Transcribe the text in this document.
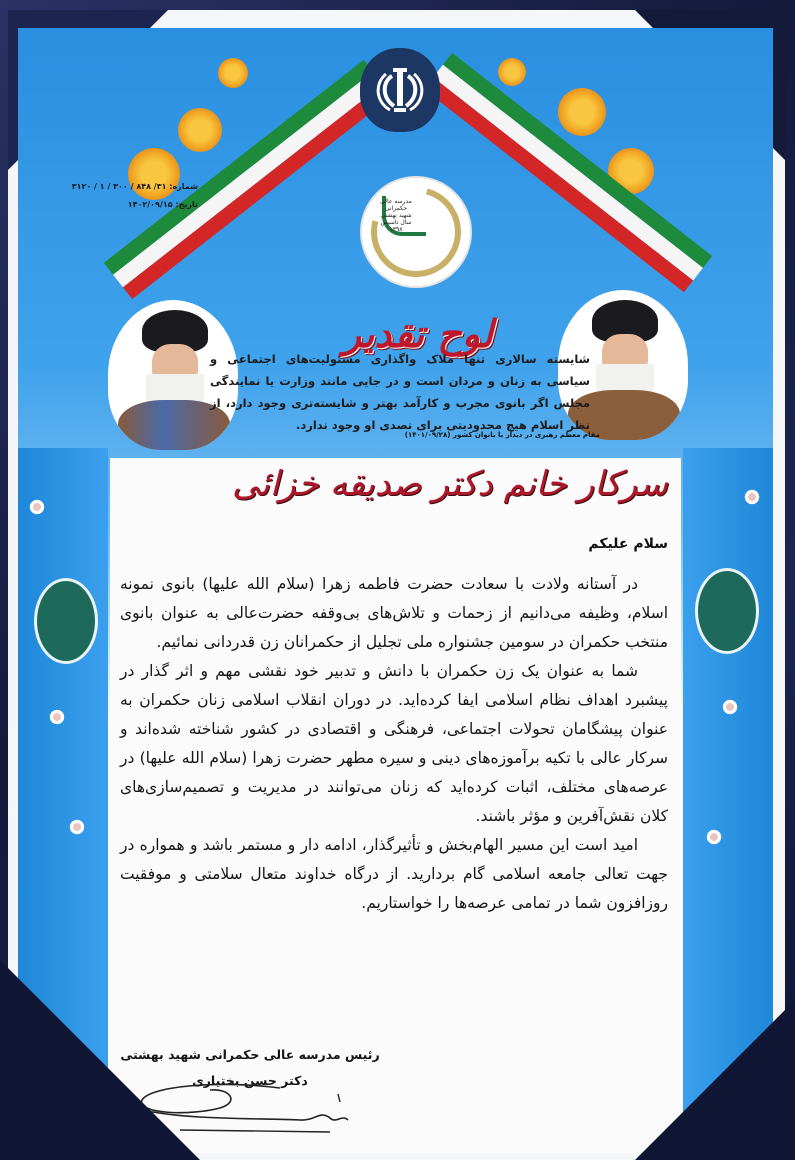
شماره: ۳۱/ ۸۴۸ / ۳۰۰ / ۱ / ۳۱۲۰
تاریخ: ۱۴۰۲/۰۹/۱۵	مدرسه عالی حکمرانی
شهید بهشتی
سال تاسیس ۱۳۹۸
لوح تقدیر
شایسته سالاری تنها ملاک واگذاری مسئولیت‌های اجتماعی و سیاسی به زنان و مردان است و در جایی مانند وزارت یا نمایندگی مجلس اگر بانوی مجرب و کارآمد بهتر و شایسته‌تری وجود دارد، از نظر اسلام هیچ محدودیتی برای تصدی او وجود ندارد.
مقام معظم رهبری در دیدار با بانوان کشور (۱۴۰۱/۰۹/۲۸)
سرکار خانم دکتر صدیقه خزائی
سلام علیکم

در آستانه ولادت با سعادت حضرت فاطمه زهرا (سلام الله علیها) بانوی نمونه اسلام، وظیفه می‌دانیم از زحمات و تلاش‌های بی‌وقفه حضرت‌عالی به عنوان بانوی منتخب حکمران در سومین جشنواره ملی تجلیل از حکمرانان زن قدردانی نمائیم.

شما به عنوان یک زن حکمران با دانش و تدبیر خود نقشی مهم و اثر گذار در پیشبرد اهداف نظام اسلامی ایفا کرده‌اید. در دوران انقلاب اسلامی زنان حکمران به عنوان پیشگامان تحولات اجتماعی، فرهنگی و اقتصادی در کشور شناخته شده‌اند و سرکار عالی با تکیه برآموزه‌های دینی و سیره مطهر حضرت زهرا (سلام الله علیها) در عرصه‌های مختلف، اثبات کرده‌اید که زنان می‌توانند در مدیریت و تصمیم‌سازی‌های کلان نقش‌آفرین و مؤثر باشند.

امید است این مسیر الهام‌بخش و تأثیرگذار، ادامه دار و مستمر باشد و همواره در جهت تعالی جامعه اسلامی گام بردارید. از درگاه خداوند متعال سلامتی و موفقیت روزافزون شما در تمامی عرصه‌ها را خواستاریم.

رئیس مدرسه عالی حکمرانی شهید بهشتی
دکتر حسن بختیاری
